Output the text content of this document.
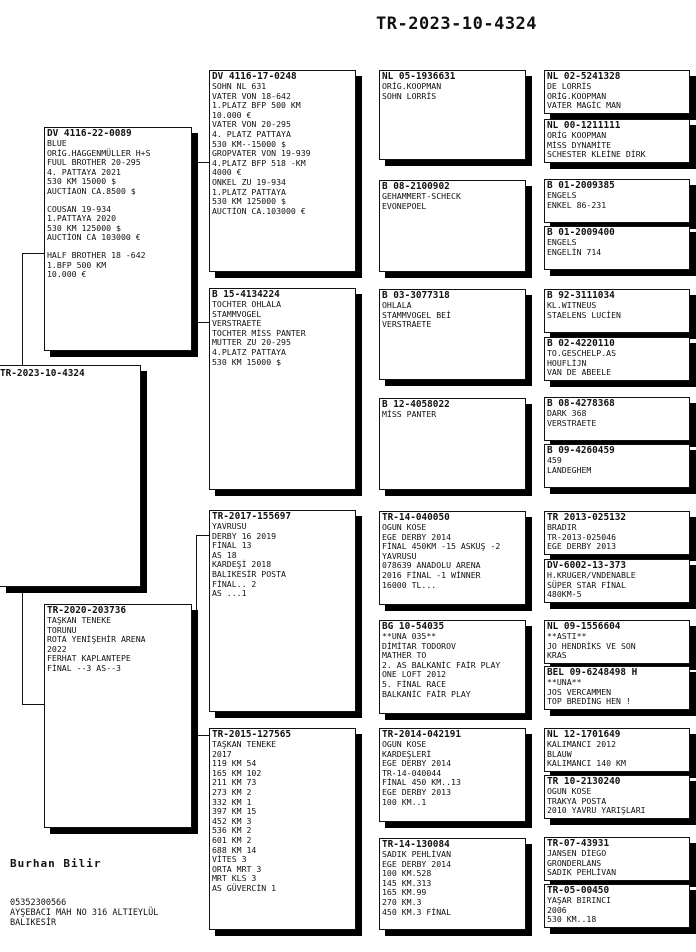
TR-2023-10-4324
TR-2023-10-4324
DV 4116-22-0089
BLUE
ORİG.HAGGENMÜLLER H+S
FUUL BROTHER 20-295
4. PATTAYA 2021
530 KM 15000 $
AUCTİAON CA.8500 $
COUSAN 19-934
1.PATTAYA 2020
530 KM 125000 $
AUCTİON CA 103000 €
HALF BROTHER 18 -642
1.BFP 500 KM
10.000 €
TR-2020-203736
TAŞKAN TENEKE
TORUNU
ROTA YENİŞEHİR ARENA
2022
FERHAT KAPLANTEPE
FİNAL --3 AS--3
DV 4116-17-0248
SOHN NL 631
VATER VON 18-642
1.PLATZ BFP 500 KM
10.000 €
VATER VON 20-295
4. PLATZ PATTAYA
530 KM--15000 $
GROPVATER VON 19-939
4.PLATZ BFP 518 -KM
4000 €
ONKEL ZU 19-934
1.PLATZ PATTAYA
530 KM 125000 $
AUCTİON CA.103000 €
B 15-4134224
TOCHTER OHLALA
STAMMVOGEL
VERSTRAETE
TOCHTER MİSS PANTER
MUTTER ZU 20-295
4.PLATZ PATTAYA
530 KM 15000 $
TR-2017-155697
YAVRUSU
DERBY 16 2019
FİNAL 13
AS 18
KARDEŞİ 2018
BALIKESİR POSTA
FİNAL.. 2
AS ...1
TR-2015-127565
TAŞKAN TENEKE
2017
119 KM 54
165 KM 102
211 KM 73
273 KM 2
332 KM 1
397 KM 15
452 KM 3
536 KM 2
601 KM 2
688 KM 14
VİTES 3
ORTA MRT 3
MRT KLS 3
AS GÜVERCİN 1
NL 05-1936631
ORİG.KOOPMAN
SOHN LORRİS
B 08-2100902
GEHAMMERT-SCHECK
EVONEPOEL
B 03-3077318
OHLALA
STAMMVOGEL BEİ
VERSTRAETE
B 12-4058022
MİSS PANTER
TR-14-040050
OGUN KOSE
EGE DERBY 2014
FİNAL 450KM -15 ASKUŞ -2
YAVRUSU
078639 ANADOLU ARENA
2016 FİNAL -1 WİNNER
16000 TL...
BG 10-54035
**UNA 035**
DİMİTAR TODOROV
MATHER TO
2. AS BALKANİC FAİR PLAY
ONE LOFT 2012
5. FİNAL RACE
BALKANİC FAİR PLAY
TR-2014-042191
OGUN KOSE
KARDEŞLERİ
EGE DERBY 2014
TR-14-040044
FİNAL 450 KM..13
EGE DERBY 2013
100 KM..1
TR-14-130084
SADIK PEHLİVAN
EGE DERBY 2014
100 KM.528
145 KM.313
165 KM.99
270 KM.3
450 KM.3 FİNAL
NL 02-5241328
DE LORRİS
ORİG.KOOPMAN
VATER MAGİC MAN
NL 00-1211111
ORİG KOOPMAN
MİSS DYNAMİTE
SCHESTER KLEİNE DİRK
B 01-2009385
ENGELS
ENKEL 86-231
B 01-2009400
ENGELS
ENGELİN 714
B 92-3111034
KL.WITNEUS
STAELENS LUCİEN
B 02-4220110
TO.GESCHELP.AS
HOUFLİJN
VAN DE ABEELE
B 08-4278368
DARK 368
VERSTRAETE
B 09-4260459
459
LANDEGHEM
TR 2013-025132
BRADIR
TR-2013-025046
EGE DERBY 2013
DV-6002-13-373
H.KRUGER/VNDENABLE
SÜPER STAR FİNAL
480KM-5
NL 09-1556604
**ASTI**
JO HENDRİKS VE SON
KRAS
BEL 09-6248498 H
**UNA**
JOS VERCAMMEN
TOP BREDİNG HEN !
NL 12-1701649
KALIMANCI 2012
BLAUW
KALIMANCI 140 KM
TR 10-2130240
OGUN KOSE
TRAKYA POSTA
2010 YAVRU YARIŞLARI
TR-07-43931
JANSEN DİEGO
GRONDERLANS
SADIK PEHLİVAN
TR-05-00450
YAŞAR BIRINCI
2006
530 KM..18
Burhan Bilir
05352300566
AYŞEBACI MAH NO 316 ALTIEYLÜL
BALIKESİR
